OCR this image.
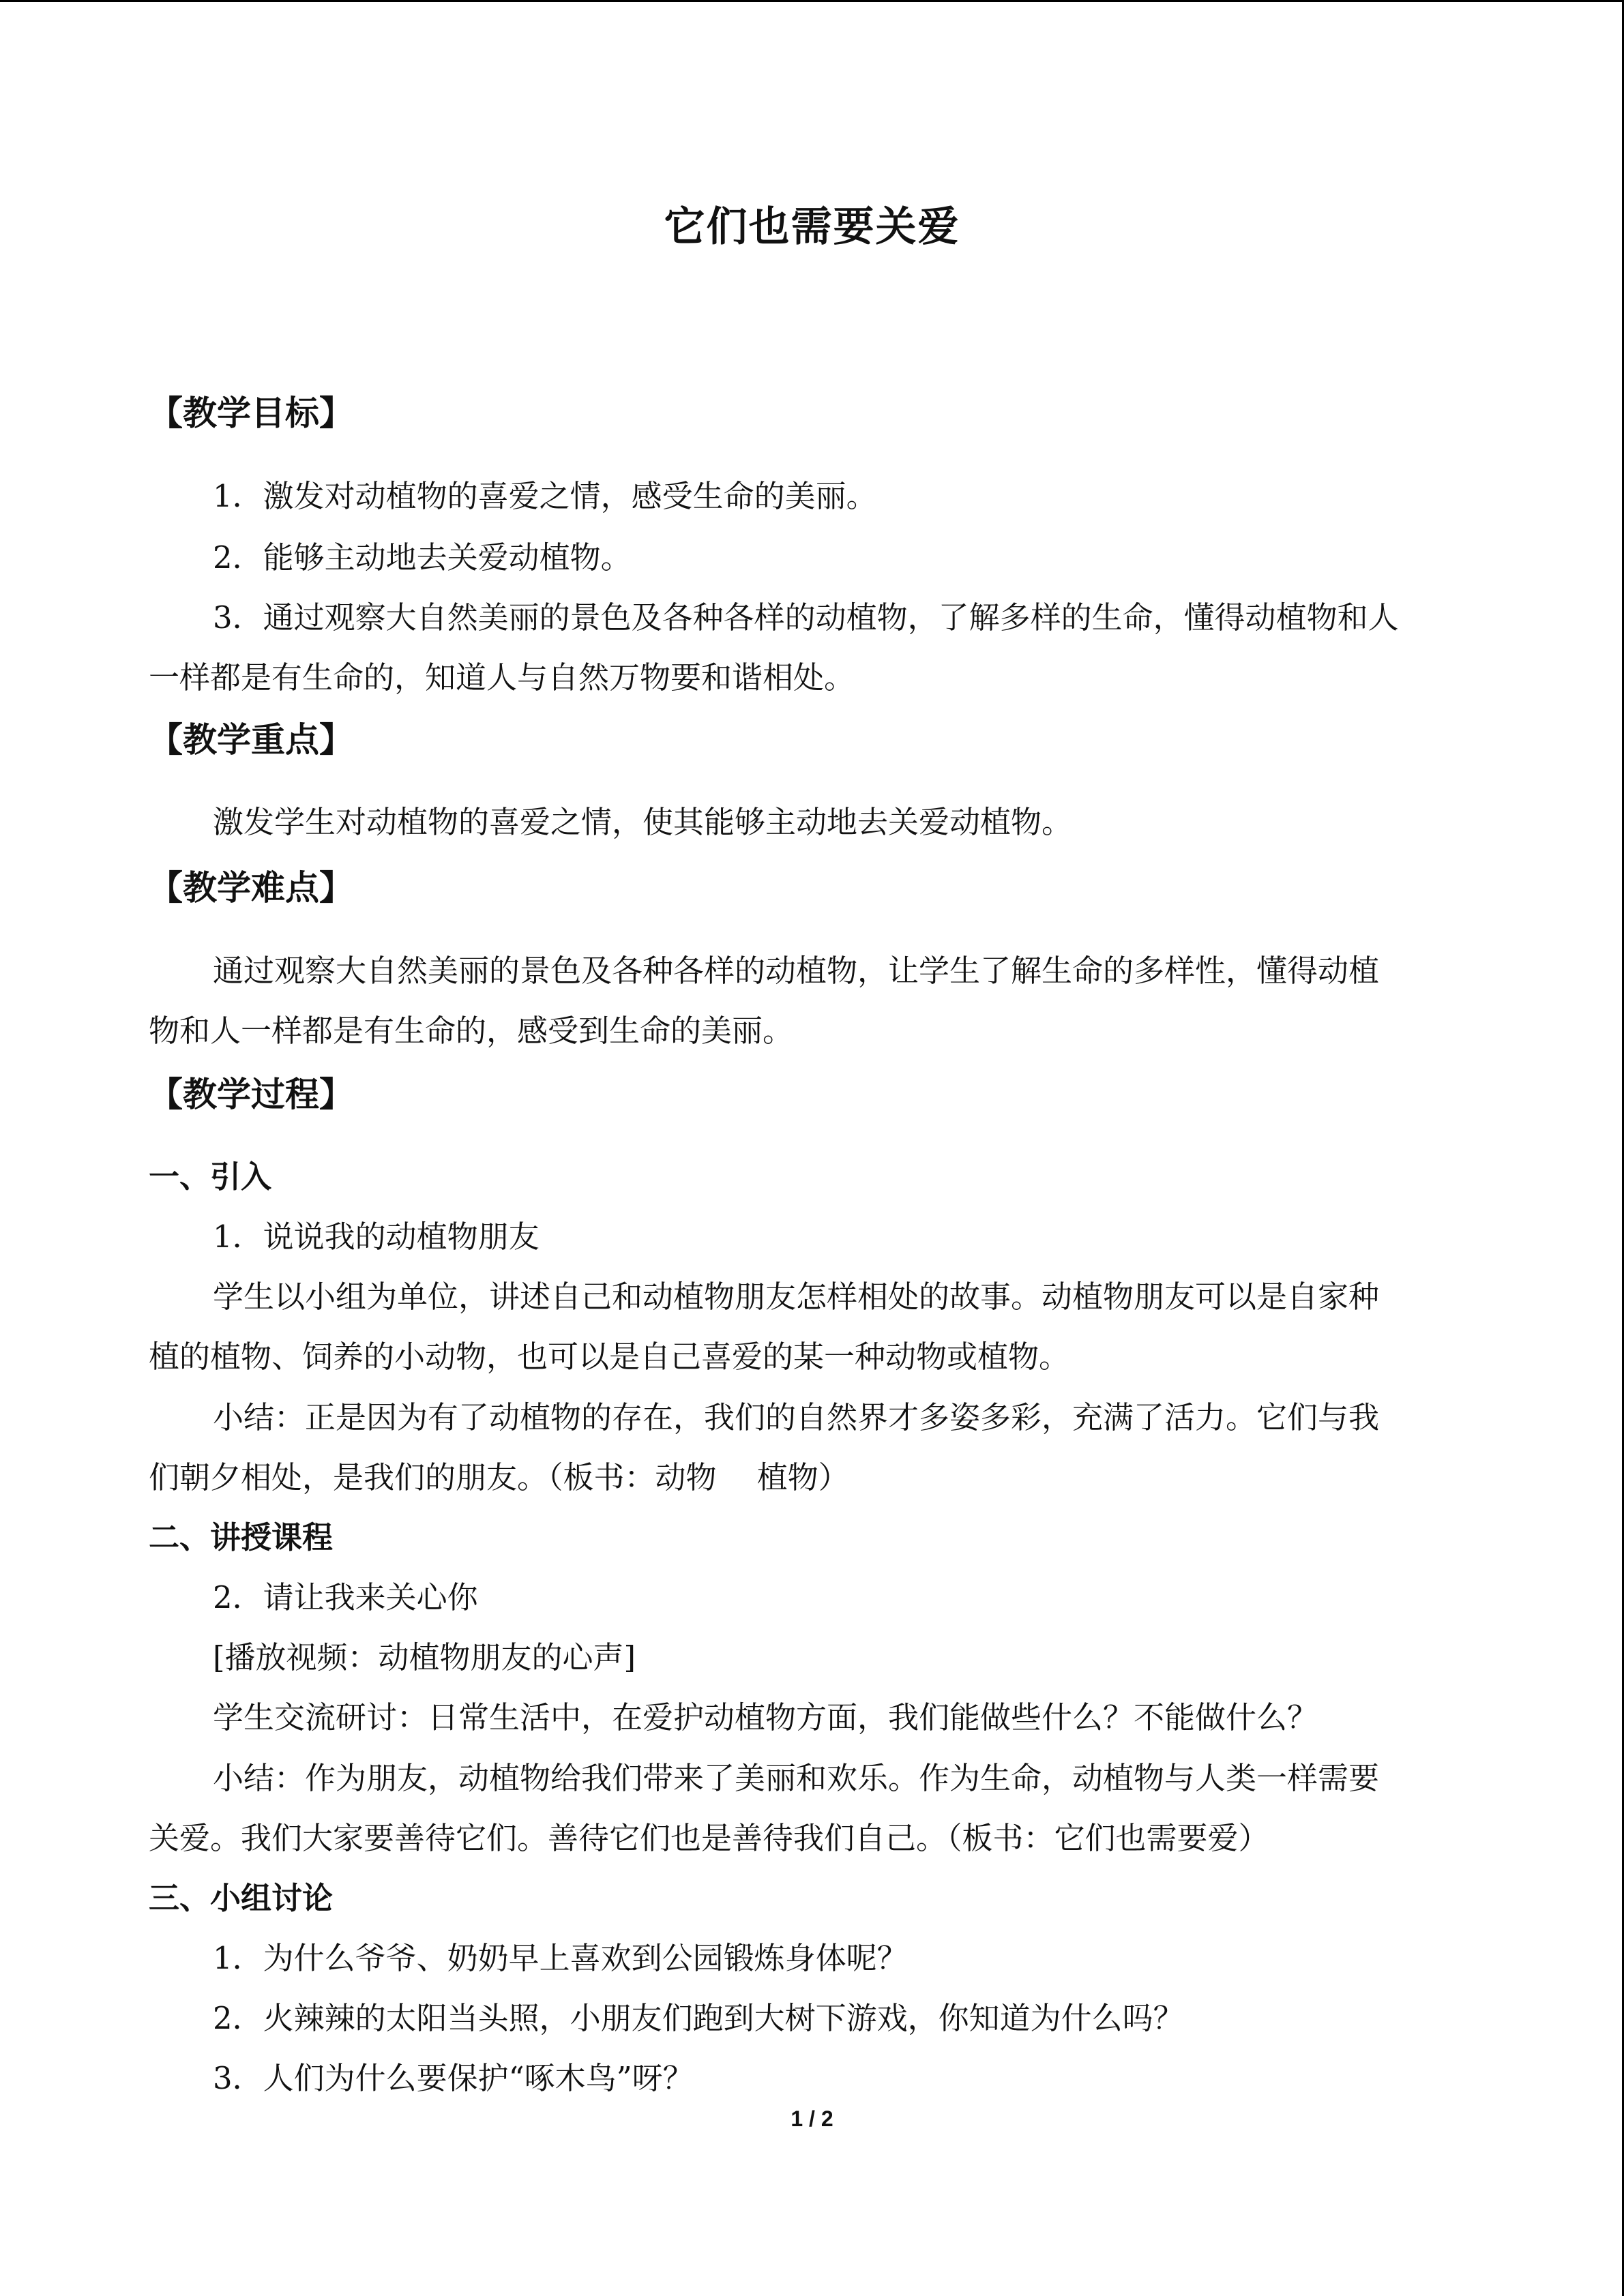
它们也需要关爱
【教学目标】
1．激发对动植物的喜爱之情，感受生命的美丽。
2．能够主动地去关爱动植物。
3．通过观察大自然美丽的景色及各种各样的动植物，了解多样的生命，懂得动植物和人
一样都是有生命的，知道人与自然万物要和谐相处。
【教学重点】
激发学生对动植物的喜爱之情，使其能够主动地去关爱动植物。
【教学难点】
通过观察大自然美丽的景色及各种各样的动植物，让学生了解生命的多样性，懂得动植
物和人一样都是有生命的，感受到生命的美丽。
【教学过程】
一、引入
1．说说我的动植物朋友
学生以小组为单位，讲述自己和动植物朋友怎样相处的故事。动植物朋友可以是自家种
植的植物、饲养的小动物，也可以是自己喜爱的某一种动物或植物。
小结：正是因为有了动植物的存在，我们的自然界才多姿多彩，充满了活力。它们与我
们朝夕相处，是我们的朋友。（板书：动物　 植物）
二、讲授课程
2．请让我来关心你
[播放视频：动植物朋友的心声]
学生交流研讨：日常生活中，在爱护动植物方面，我们能做些什么？不能做什么？
小结：作为朋友，动植物给我们带来了美丽和欢乐。作为生命，动植物与人类一样需要
关爱。我们大家要善待它们。善待它们也是善待我们自己。（板书：它们也需要爱）
三、小组讨论
1．为什么爷爷、奶奶早上喜欢到公园锻炼身体呢？
2．火辣辣的太阳当头照，小朋友们跑到大树下游戏，你知道为什么吗？
3．人们为什么要保护“啄木鸟”呀？
1 / 2
